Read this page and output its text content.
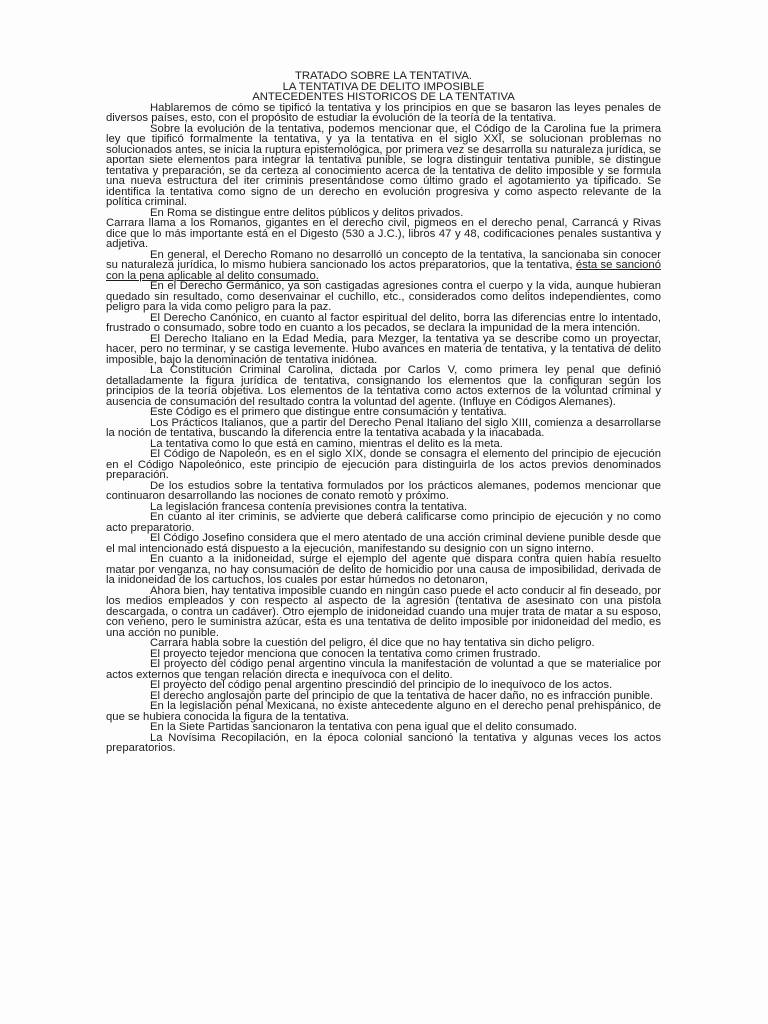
TRATADO SOBRE LA TENTATIVA.
LA TENTATIVA DE DELITO IMPOSIBLE
ANTECEDENTES HISTORICOS DE LA TENTATIVA

Hablaremos de cómo se tipificó la tentativa y los principios en que se basaron las leyes penales de diversos países, esto, con el propósito de estudiar la evolución de la teoría de la tentativa.

Sobre la evolución de la tentativa, podemos mencionar que, el Código de la Carolina fue la primera ley que tipificó formalmente la tentativa, y ya la tentativa en el siglo XXI, se solucionan problemas no solucionados antes, se inicia la ruptura epistemológica, por primera vez se desarrolla su naturaleza jurídica, se aportan siete elementos para integrar la tentativa punible, se logra distinguir tentativa punible, se distingue tentativa y preparación, se da certeza al conocimiento acerca de la tentativa de delito imposible y se formula una nueva estructura del iter criminis presentándose como último grado el agotamiento ya tipificado. Se identifica la tentativa como signo de un derecho en evolución progresiva y como aspecto relevante de la política criminal.

En Roma se distingue entre delitos públicos y delitos privados.

Carrara llama a los Romanos, gigantes en el derecho civil, pigmeos en el derecho penal, Carrancá y Rivas dice que lo más importante está en el Digesto (530 a J.C.), libros 47 y 48, codificaciones penales sustantiva y adjetiva.

En general, el Derecho Romano no desarrolló un concepto de la tentativa, la sancionaba sin conocer su naturaleza jurídica, lo mismo hubiera sancionado los actos preparatorios, que la tentativa, ésta se sancionó con la pena aplicable al delito consumado.

En el Derecho Germánico, ya son castigadas agresiones contra el cuerpo y la vida, aunque hubieran quedado sin resultado, como desenvainar el cuchillo, etc., considerados como delitos independientes, como peligro para la vida como peligro para la paz.

El Derecho Canónico, en cuanto al factor espiritual del delito, borra las diferencias entre lo intentado, frustrado o consumado, sobre todo en cuanto a los pecados, se declara la impunidad de la mera intención.

El Derecho Italiano en la Edad Media, para Mezger, la tentativa ya se describe como un proyectar, hacer, pero no terminar, y se castiga levemente. Hubo avances en materia de tentativa, y la tentativa de delito imposible, bajo la denominación de tentativa inidónea.

La Constitución Criminal Carolina, dictada por Carlos V, como primera ley penal que definió detalladamente la figura jurídica de tentativa, consignando los elementos que la configuran según los principios de la teoría objetiva. Los elementos de la tentativa como actos externos de la voluntad criminal y ausencia de consumación del resultado contra la voluntad del agente. (Influye en Códigos Alemanes).

Este Código es el primero que distingue entre consumación y tentativa.

Los Prácticos Italianos, que a partir del Derecho Penal Italiano del siglo XIII, comienza a desarrollarse la noción de tentativa, buscando la diferencia entre la tentativa acabada y la inacabada.

La tentativa como lo que está en camino, mientras el delito es la meta.

El Código de Napoleón, es en el siglo XIX, donde se consagra el elemento del principio de ejecución en el Código Napoleónico, este principio de ejecución para distinguirla de los actos previos denominados preparación.

De los estudios sobre la tentativa formulados por los prácticos alemanes, podemos mencionar que continuaron desarrollando las nociones de conato remoto y próximo.

La legislación francesa contenía previsiones contra la tentativa.

En cuanto al iter criminis, se advierte que deberá calificarse como principio de ejecución y no como acto preparatorio.

El Código Josefino considera que el mero atentado de una acción criminal deviene punible desde que el mal intencionado está dispuesto a la ejecución, manifestando su designio con un signo interno.

En cuanto a la inidoneidad, surge el ejemplo del agente que dispara contra quien había resuelto matar por venganza, no hay consumación de delito de homicidio por una causa de imposibilidad, derivada de la inidoneidad de los cartuchos, los cuales por estar húmedos no detonaron,

Ahora bien, hay tentativa imposible cuando en ningún caso puede el acto conducir al fin deseado, por los medios empleados y con respecto al aspecto de la agresión (tentativa de asesinato con una pistola descargada, o contra un cadáver). Otro ejemplo de inidoneidad cuando una mujer trata de matar a su esposo, con veneno, pero le suministra azúcar, esta es una tentativa de delito imposible por inidoneidad del medio, es una acción no punible.

Carrara habla sobre la cuestión del peligro, él dice que no hay tentativa sin dicho peligro.

El proyecto tejedor menciona que conocen la tentativa como crimen frustrado.

El proyecto del código penal argentino vincula la manifestación de voluntad a que se materialice por actos externos que tengan relación directa e inequívoca con el delito.

El proyecto del código penal argentino prescindió del principio de lo inequívoco de los actos.

El derecho anglosajón parte del principio de que la tentativa de hacer daño, no es infracción punible.

En la legislación penal Mexicana, no existe antecedente alguno en el derecho penal prehispánico, de que se hubiera conocida la figura de la tentativa.

En la Siete Partidas sancionaron la tentativa con pena igual que el delito consumado.

La Novísima Recopilación, en la época colonial sancionó la tentativa y algunas veces los actos preparatorios.
